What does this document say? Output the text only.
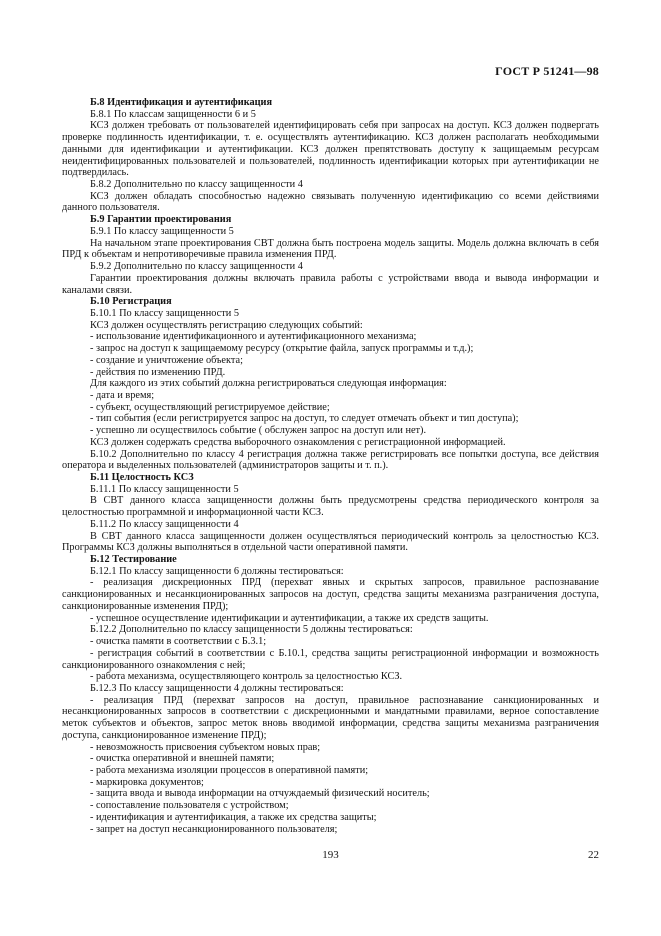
ГОСТ Р 51241—98

Б.8 Идентификация и аутентификация

Б.8.1 По классам защищенности 6 и 5

КСЗ должен требовать от пользователей идентифицировать себя при запросах на доступ. КСЗ должен подвергать проверке подлинность идентификации, т. е. осуществлять аутентификацию. КСЗ должен располагать необходимыми данными для идентификации и аутентификации. КСЗ должен препятствовать доступу к защищаемым ресурсам неидентифицированных пользователей и пользователей, подлинность идентификации которых при аутентификации не подтвердилась.

Б.8.2 Дополнительно по классу защищенности 4

КСЗ должен обладать способностью надежно связывать полученную идентификацию со всеми действиями данного пользователя.

Б.9 Гарантии проектирования

Б.9.1 По классу защищенности 5

На начальном этапе проектирования СВТ должна быть построена модель защиты. Модель должна включать в себя ПРД к объектам и непротиворечивые правила изменения ПРД.

Б.9.2 Дополнительно по классу защищенности 4

Гарантии проектирования должны включать правила работы с устройствами ввода и вывода информации и каналами связи.

Б.10 Регистрация

Б.10.1 По классу защищенности 5

КСЗ должен осуществлять регистрацию следующих событий:

- использование идентификационного и аутентификационного механизма;

- запрос на доступ к защищаемому ресурсу (открытие файла, запуск программы и т.д.);

- создание и уничтожение объекта;

- действия по изменению ПРД.

Для каждого из этих событий должна регистрироваться следующая информация:

- дата и время;

- субъект, осуществляющий регистрируемое действие;

- тип события (если регистрируется запрос на доступ, то следует отмечать объект и тип доступа);

- успешно ли осуществилось событие ( обслужен запрос на доступ или нет).

КСЗ должен содержать средства выборочного ознакомления с регистрационной информацией.

Б.10.2 Дополнительно по классу 4 регистрация должна также регистрировать все попытки доступа, все действия оператора и выделенных пользователей (администраторов защиты и т. п.).

Б.11 Целостность КСЗ

Б.11.1 По классу защищенности 5

В СВТ данного класса защищенности должны быть предусмотрены средства периодического контроля за целостностью программной и информационной части КСЗ.

Б.11.2 По классу защищенности 4

В СВТ данного класса защищенности должен осуществляться периодический контроль за целостностью КСЗ. Программы КСЗ должны выполняться в отдельной части оперативной памяти.

Б.12 Тестирование

Б.12.1 По классу защищенности 6 должны тестироваться:

- реализация дискреционных ПРД (перехват явных и скрытых запросов, правильное распознавание санкционированных и несанкционированных запросов на доступ, средства защиты механизма разграничения доступа, санкционированные изменения ПРД);

- успешное осуществление идентификации и аутентификации, а также их средств защиты.

Б.12.2 Дополнительно по классу защищенности 5 должны тестироваться:

- очистка памяти в соответствии с Б.3.1;

- регистрация событий в соответствии с Б.10.1, средства защиты регистрационной информации и возможность санкционированного ознакомления с ней;

- работа механизма, осуществляющего контроль за целостностью КСЗ.

Б.12.3 По классу защищенности 4 должны тестироваться:

- реализация ПРД (перехват запросов на доступ, правильное распознавание санкционированных и несанкционированных запросов в соответствии с дискреционными и мандатными правилами, верное сопоставление меток субъектов и объектов, запрос меток вновь вводимой информации, средства защиты механизма разграничения доступа, санкционированное изменение ПРД);

- невозможность присвоения субъектом новых прав;

- очистка оперативной и внешней памяти;

- работа механизма изоляции процессов в оперативной памяти;

- маркировка документов;

- защита ввода и вывода информации на отчуждаемый физический носитель;

- сопоставление пользователя с устройством;

- идентификация и аутентификация, а также их средства защиты;

- запрет на доступ несанкционированного пользователя;

193	22
